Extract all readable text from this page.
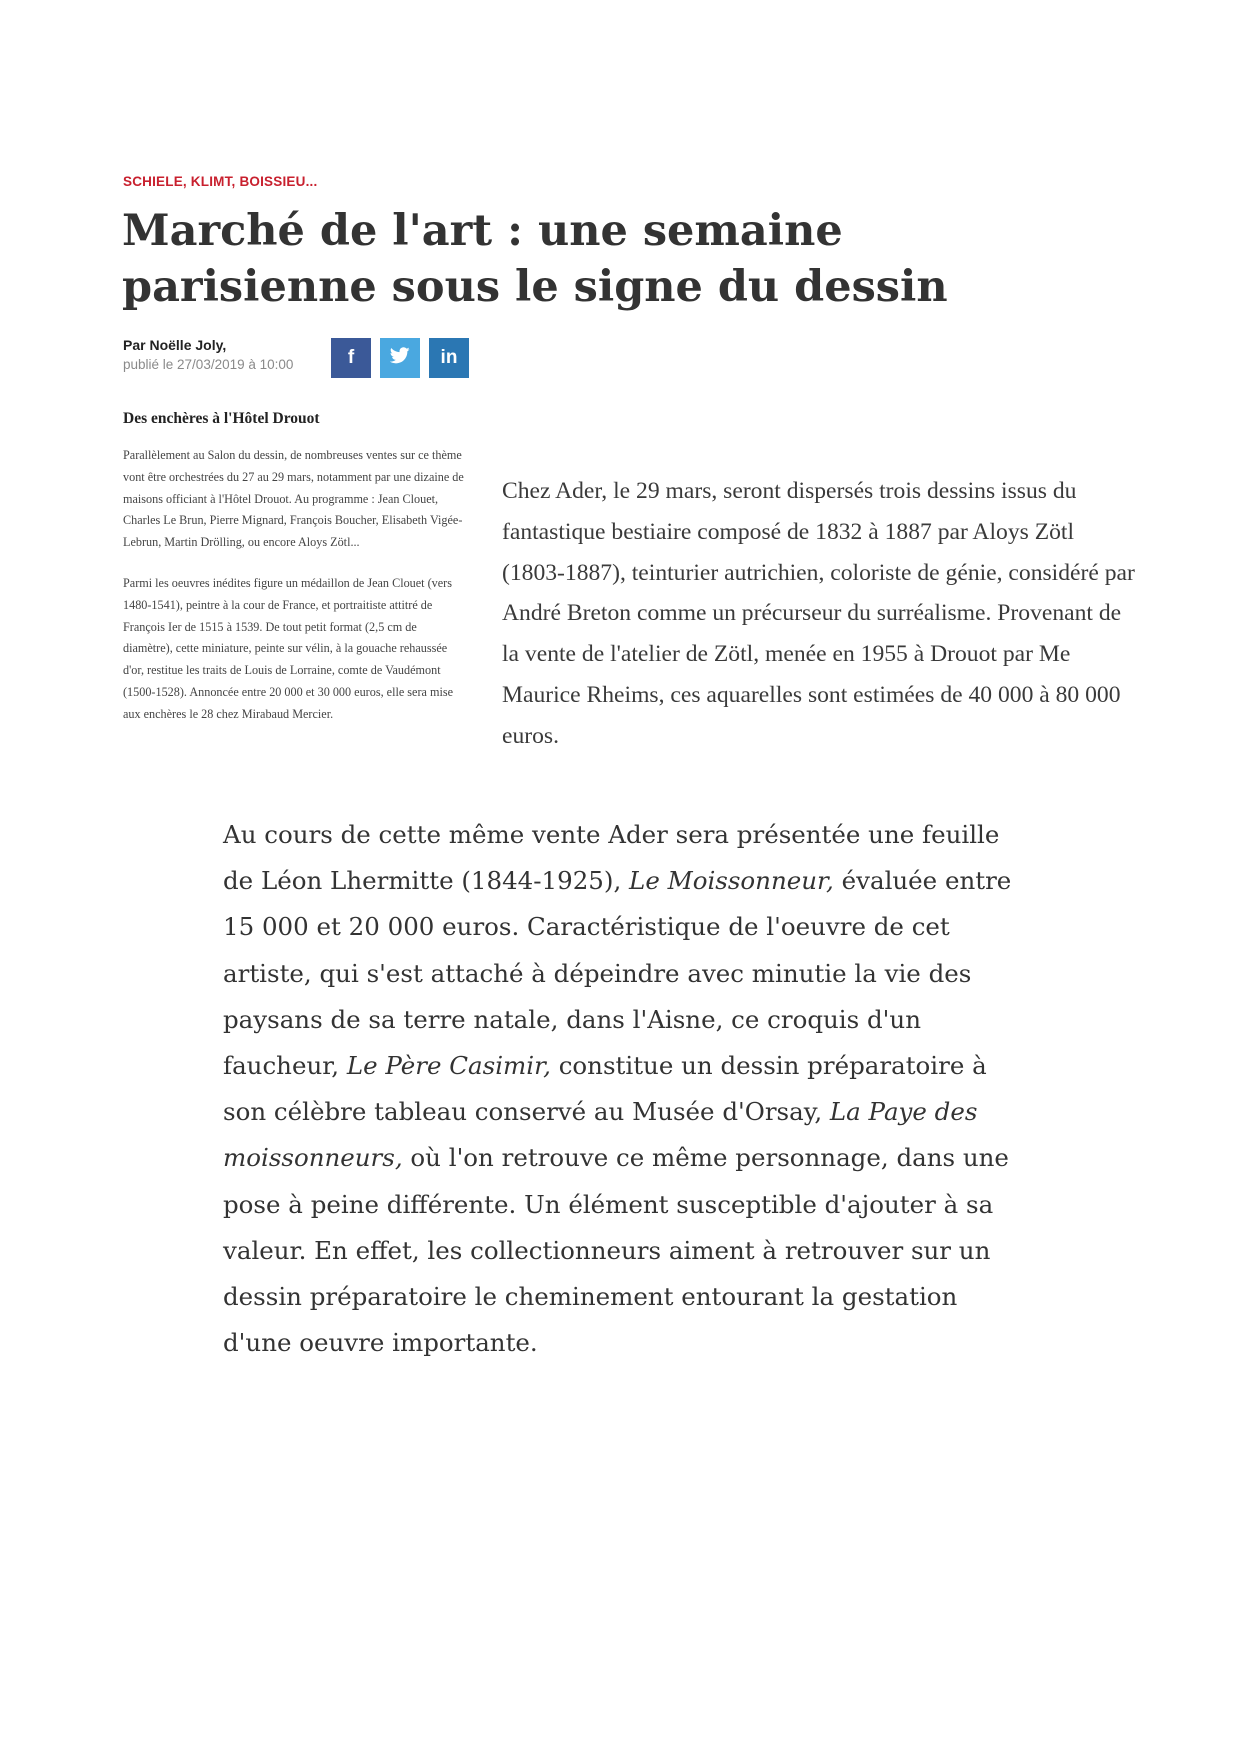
SCHIELE, KLIMT, BOISSIEU...
Marché de l'art : une semaine parisienne sous le signe du dessin
Par Noëlle Joly,
publié le 27/03/2019 à 10:00	f	in
Des enchères à l'Hôtel Drouot

Parallèlement au Salon du dessin, de nombreuses ventes sur ce thème vont être orchestrées du 27 au 29 mars, notamment par une dizaine de maisons officiant à l'Hôtel Drouot. Au programme : Jean Clouet, Charles Le Brun, Pierre Mignard, François Boucher, Elisabeth Vigée-Lebrun, Martin Drölling, ou encore Aloys Zötl...

Parmi les oeuvres inédites figure un médaillon de Jean Clouet (vers 1480-1541), peintre à la cour de France, et portraitiste attitré de François Ier de 1515 à 1539. De tout petit format (2,5 cm de diamètre), cette miniature, peinte sur vélin, à la gouache rehaussée d'or, restitue les traits de Louis de Lorraine, comte de Vaudémont (1500-1528). Annoncée entre 20 000 et 30 000 euros, elle sera mise aux enchères le 28 chez Mirabaud Mercier.

Chez Ader, le 29 mars, seront dispersés trois dessins issus du fantastique bestiaire composé de 1832 à 1887 par Aloys Zötl (1803-1887), teinturier autrichien, coloriste de génie, considéré par André Breton comme un précurseur du surréalisme. Provenant de la vente de l'atelier de Zötl, menée en 1955 à Drouot par Me Maurice Rheims, ces aquarelles sont estimées de 40 000 à 80 000 euros.

Au cours de cette même vente Ader sera présentée une feuille de Léon Lhermitte (1844-1925), Le Moissonneur, évaluée entre 15 000 et 20 000 euros. Caractéristique de l'oeuvre de cet artiste, qui s'est attaché à dépeindre avec minutie la vie des paysans de sa terre natale, dans l'Aisne, ce croquis d'un faucheur, Le Père Casimir, constitue un dessin préparatoire à son célèbre tableau conservé au Musée d'Orsay, La Paye des moissonneurs, où l'on retrouve ce même personnage, dans une pose à peine différente. Un élément susceptible d'ajouter à sa valeur. En effet, les collectionneurs aiment à retrouver sur un dessin préparatoire le cheminement entourant la gestation d'une oeuvre importante.
